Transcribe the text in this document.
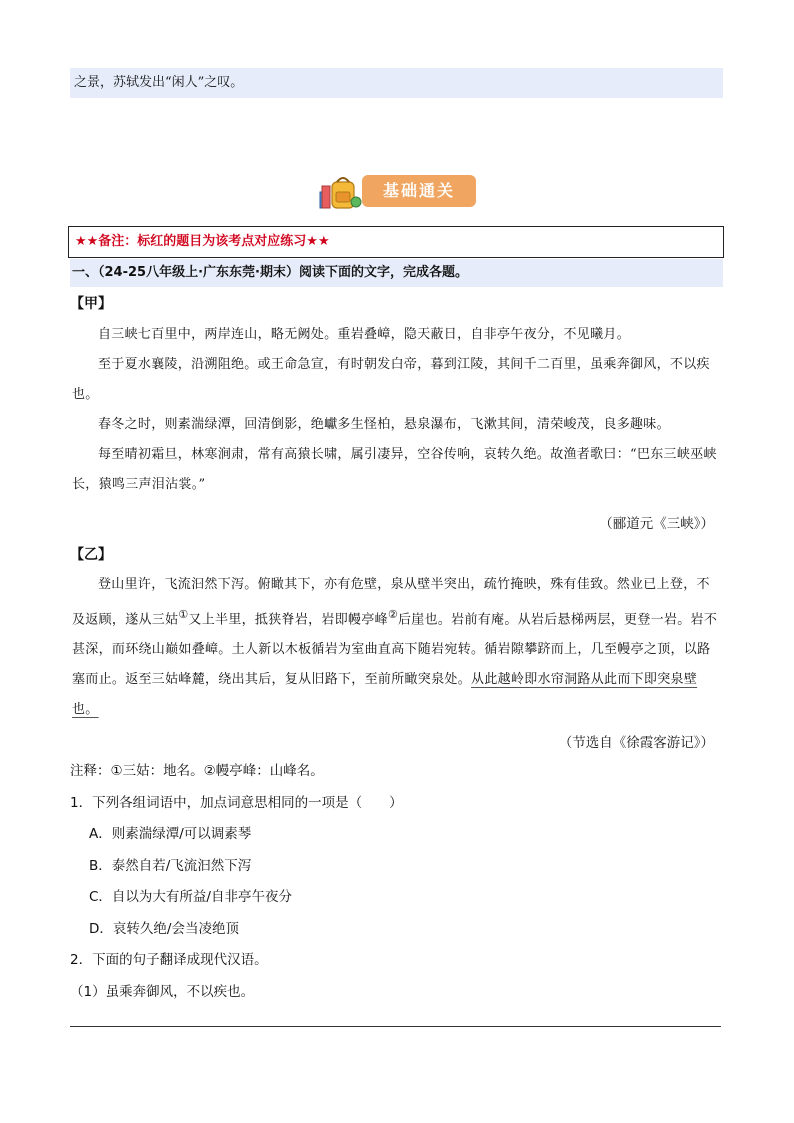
之景，苏轼发出“闲人”之叹。
基础通关
★★备注：标红的题目为该考点对应练习★★
一、（24-25八年级上·广东东莞·期末）阅读下面的文字，完成各题。
【甲】

自三峡七百里中，两岸连山，略无阙处。重岩叠嶂，隐天蔽日，自非亭午夜分，不见曦月。

至于夏水襄陵，沿溯阻绝。或王命急宣，有时朝发白帝，暮到江陵，其间千二百里，虽乘奔御风，不以疾也。

春冬之时，则素湍绿潭，回清倒影，绝巘多生怪柏，悬泉瀑布，飞漱其间，清荣峻茂，良多趣味。

每至晴初霜旦，林寒涧肃，常有高猿长啸，属引凄异，空谷传响，哀转久绝。故渔者歌曰：“巴东三峡巫峡长，猿鸣三声泪沾裳。”

（郦道元《三峡》）
【乙】

登山里许，飞流汩然下泻。俯瞰其下，亦有危壁，泉从壁半突出，疏竹掩映，殊有佳致。然业已上登，不及返顾，遂从三姑①又上半里，抵狭脊岩，岩即幔亭峰②后崖也。岩前有庵。从岩后悬梯两层，更登一岩。岩不甚深，而环绕山巅如叠嶂。土人新以木板循岩为室曲直高下随岩宛转。循岩隙攀跻而上，几至幔亭之顶，以路塞而止。返至三姑峰麓，绕出其后，复从旧路下，至前所瞰突泉处。从此越岭即水帘洞路从此而下即突泉壁也。

（节选自《徐霞客游记》）
注释：①三姑：地名。②幔亭峰：山峰名。
1．下列各组词语中，加点词意思相同的一项是（　　）
A．则素湍绿潭/可以调素琴
B．泰然自若/飞流汩然下泻
C．自以为大有所益/自非亭午夜分
D．哀转久绝/会当凌绝顶
2．下面的句子翻译成现代汉语。
（1）虽乘奔御风，不以疾也。
